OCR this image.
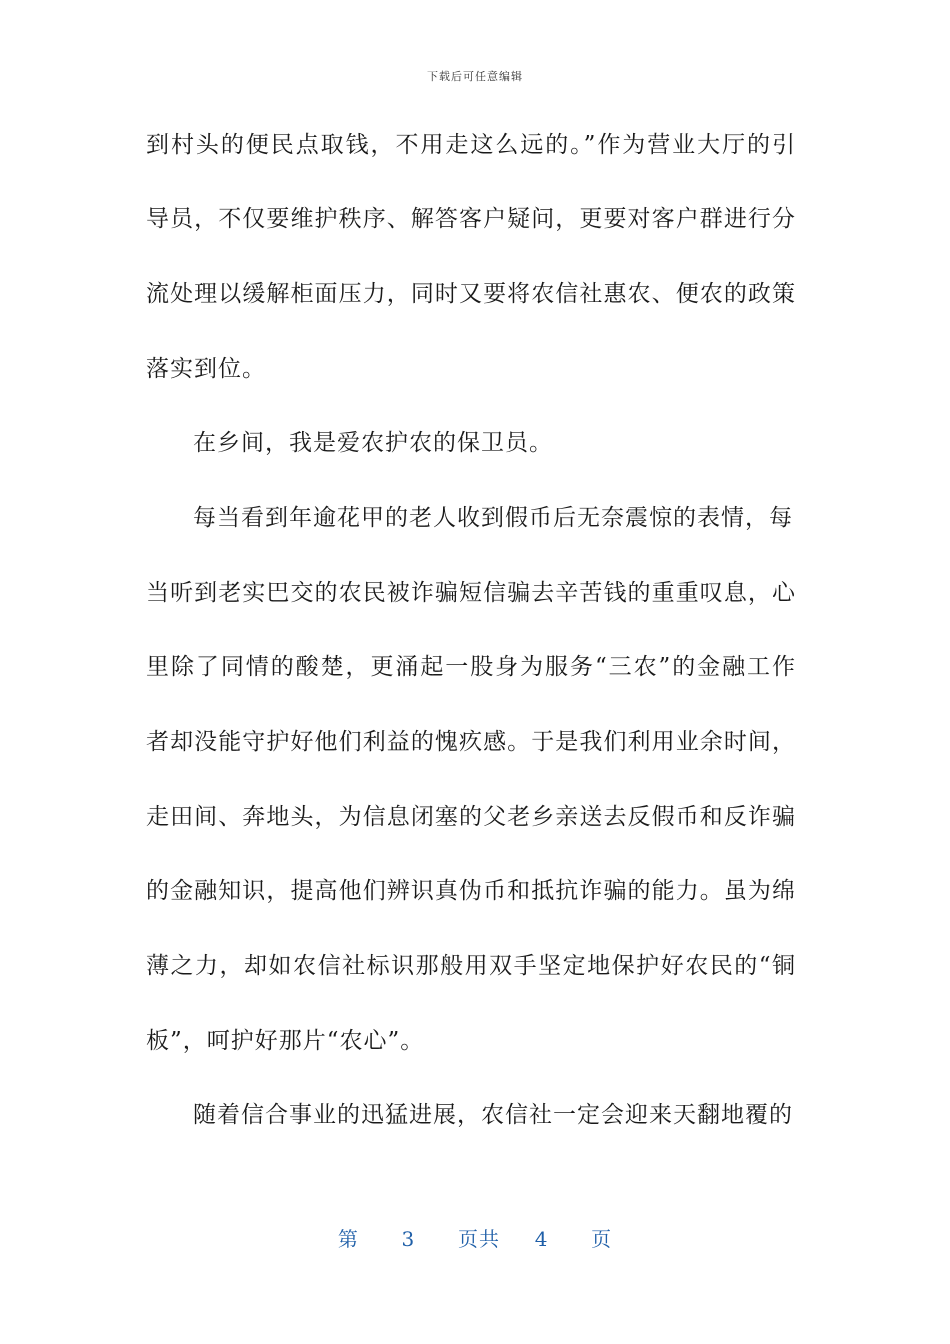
下载后可任意编辑
到村头的便民点取钱，不用走这么远的。”作为营业大厅的引
导员，不仅要维护秩序、解答客户疑问，更要对客户群进行分
流处理以缓解柜面压力，同时又要将农信社惠农、便农的政策
落实到位。
在乡间，我是爱农护农的保卫员。
每当看到年逾花甲的老人收到假币后无奈震惊的表情，每
当听到老实巴交的农民被诈骗短信骗去辛苦钱的重重叹息，心
里除了同情的酸楚，更涌起一股身为服务“三农”的金融工作
者却没能守护好他们利益的愧疚感。于是我们利用业余时间，
走田间、奔地头，为信息闭塞的父老乡亲送去反假币和反诈骗
的金融知识，提高他们辨识真伪币和抵抗诈骗的能力。虽为绵
薄之力，却如农信社标识那般用双手坚定地保护好农民的“铜
板”，呵护好那片“农心”。
随着信合事业的迅猛进展，农信社一定会迎来天翻地覆的
第 3 页共 4 页
